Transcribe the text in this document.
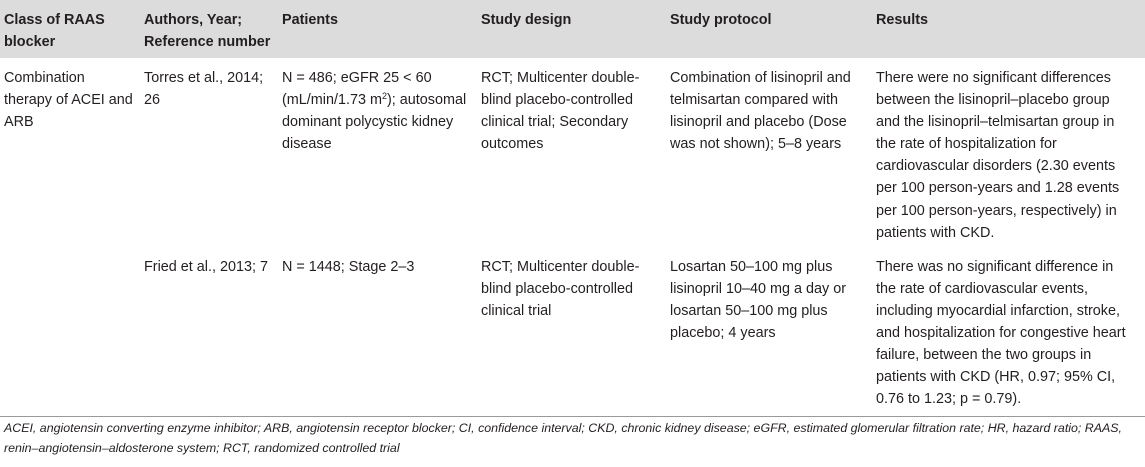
Class of RAAS blocker	Authors, Year; Reference number	Patients	Study design	Study protocol	Results
Combination therapy of ACEI and ARB	Torres et al., 2014; 26	N = 486; eGFR 25 < 60 (mL/min/1.73 $m^2$); autosomal dominant polycystic kidney disease	RCT; Multicenter double-blind placebo-controlled clinical trial; Secondary outcomes	Combination of lisinopril and telmisartan compared with lisinopril and placebo (Dose was not shown); 5–8 years	There were no significant differences between the lisinopril–placebo group and the lisinopril–telmisartan group in the rate of hospitalization for cardiovascular disorders (2.30 events per 100 person-years and 1.28 events per 100 person-years, respectively) in patients with CKD.
	Fried et al., 2013; 7	N = 1448; Stage 2–3	RCT; Multicenter double-blind placebo-controlled clinical trial	Losartan 50–100 mg plus lisinopril 10–40 mg a day or losartan 50–100 mg plus placebo; 4 years	There was no significant difference in the rate of cardiovascular events, including myocardial infarction, stroke, and hospitalization for congestive heart failure, between the two groups in patients with CKD (HR, 0.97; 95% CI, 0.76 to 1.23; p = 0.79).
ACEI, angiotensin converting enzyme inhibitor; ARB, angiotensin receptor blocker; CI, confidence interval; CKD, chronic kidney disease; eGFR, estimated glomerular filtration rate; HR, hazard ratio; RAAS, renin–angiotensin–aldosterone system; RCT, randomized controlled trial
